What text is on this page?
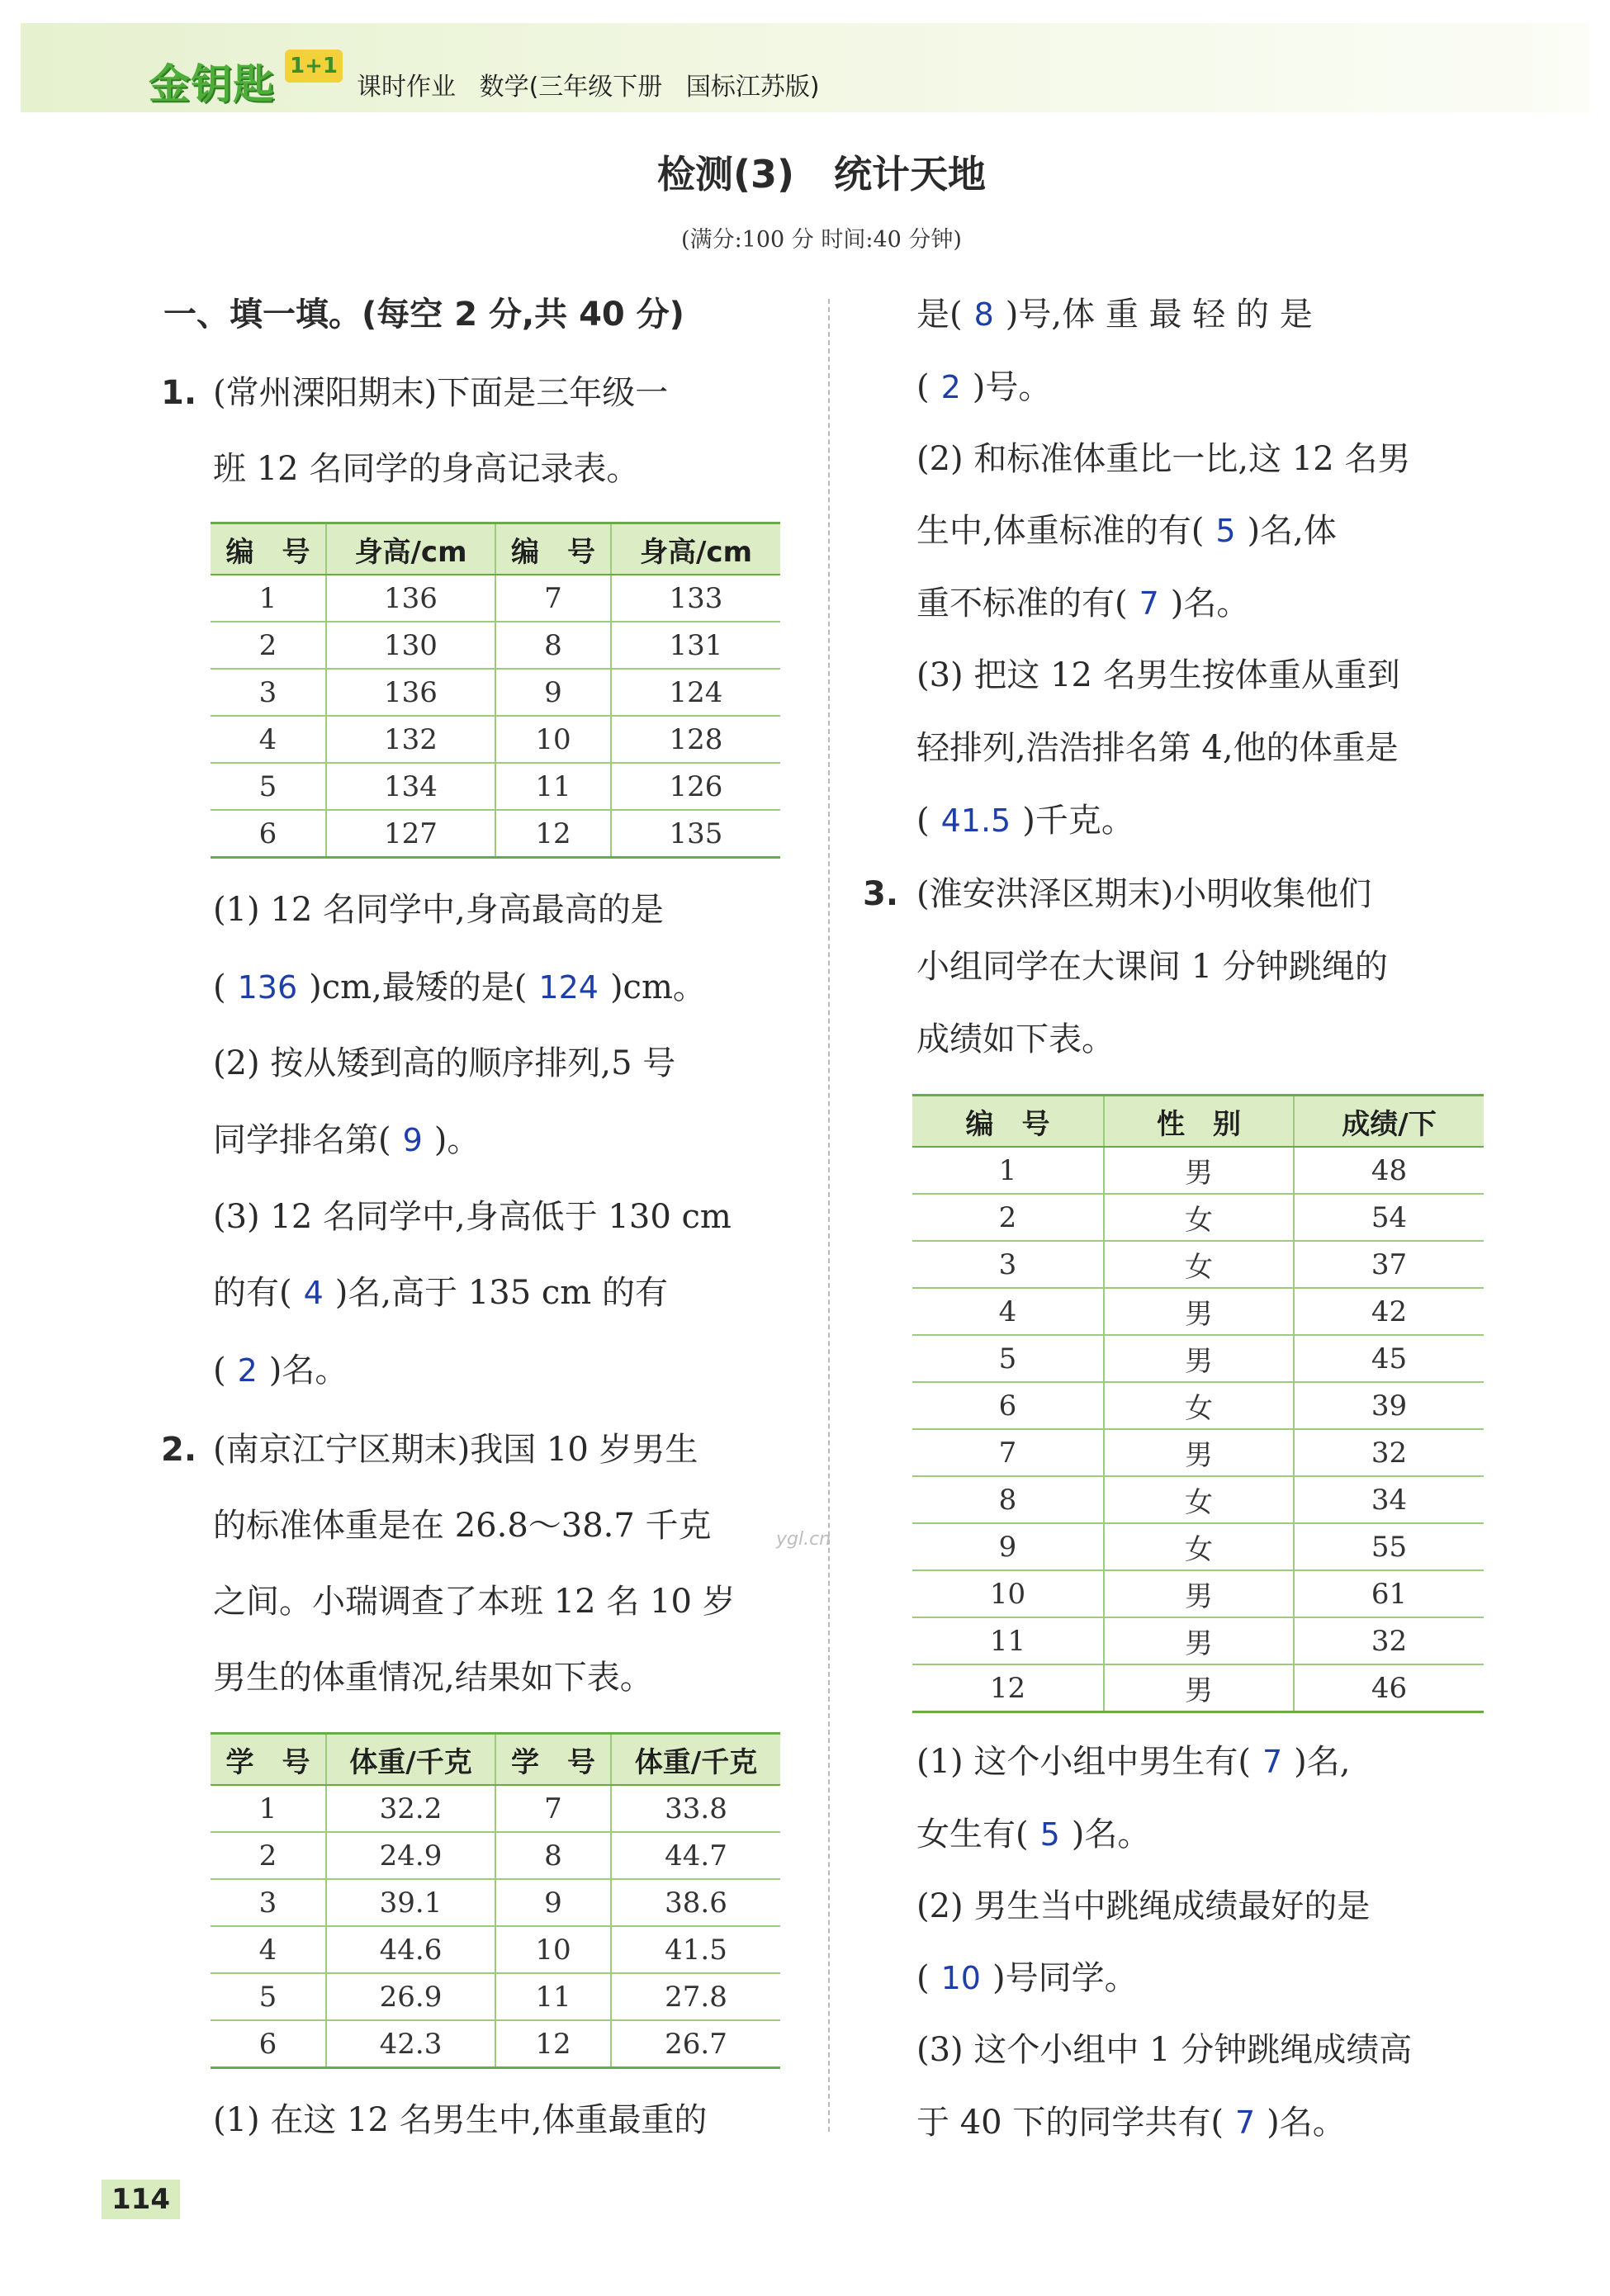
金钥匙 1+1
课时作业   数学(三年级下册   国标江苏版)
检测(3)   统计天地
(满分:100 分 时间:40 分钟)
一、填一填。(每空 2 分,共 40 分)
1. (常州溧阳期末)下面是三年级一
班 12 名同学的身高记录表。
编　号	身高/cm	编　号	身高/cm
1	136	7	133
2	130	8	131
3	136	9	124
4	132	10	128
5	134	11	126
6	127	12	135
(1) 12 名同学中,身高最高的是
( 136 )cm,最矮的是( 124 )cm。
(2) 按从矮到高的顺序排列,5 号
同学排名第( 9 )。
(3) 12 名同学中,身高低于 130 cm
的有( 4 )名,高于 135 cm 的有
( 2 )名。
2. (南京江宁区期末)我国 10 岁男生
的标准体重是在 26.8～38.7 千克
之间。小瑞调查了本班 12 名 10 岁
男生的体重情况,结果如下表。
ygl.cn
学　号	体重/千克	学　号	体重/千克
1	32.2	7	33.8
2	24.9	8	44.7
3	39.1	9	38.6
4	44.6	10	41.5
5	26.9	11	27.8
6	42.3	12	26.7
(1) 在这 12 名男生中,体重最重的
是( 8 )号,体 重 最 轻 的 是
( 2 )号。
(2) 和标准体重比一比,这 12 名男
生中,体重标准的有( 5 )名,体
重不标准的有( 7 )名。
(3) 把这 12 名男生按体重从重到
轻排列,浩浩排名第 4,他的体重是
( 41.5 )千克。
3. (淮安洪泽区期末)小明收集他们
小组同学在大课间 1 分钟跳绳的
成绩如下表。
编　号	性　别	成绩/下
1	男	48
2	女	54
3	女	37
4	男	42
5	男	45
6	女	39
7	男	32
8	女	34
9	女	55
10	男	61
11	男	32
12	男	46
(1) 这个小组中男生有( 7 )名,
女生有( 5 )名。
(2) 男生当中跳绳成绩最好的是
( 10 )号同学。
(3) 这个小组中 1 分钟跳绳成绩高
于 40 下的同学共有( 7 )名。
114
